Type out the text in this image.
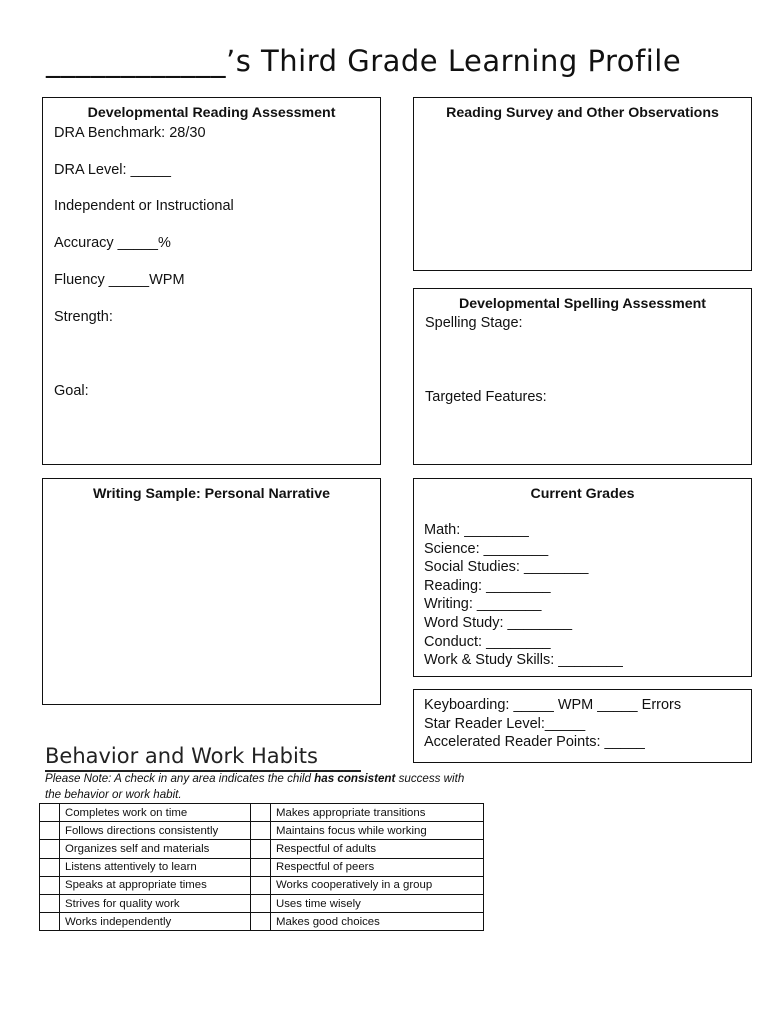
____________’s Third Grade Learning Profile
Developmental Reading Assessment
DRA Benchmark: 28/30
DRA Level: _____
Independent or Instructional
Accuracy _____%
Fluency _____WPM
Strength:
Goal:
Reading Survey and Other Observations
Developmental Spelling Assessment
Spelling Stage:
Targeted Features:
Writing Sample: Personal Narrative	Current Grades
Math: ________
Science: ________
Social Studies: ________
Reading: ________
Writing: ________
Word Study: ________
Conduct: ________
Work & Study Skills: ________
Keyboarding: _____ WPM _____ Errors
Star Reader Level:_____
Accelerated Reader Points: _____
Behavior and Work Habits
Please Note: A check in any area indicates the child has consistent success with the behavior or work habit.
	Completes work on time		Makes appropriate transitions
	Follows directions consistently		Maintains focus while working
	Organizes self and materials		Respectful of adults
	Listens attentively to learn		Respectful of peers
	Speaks at appropriate times		Works cooperatively in a group
	Strives for quality work		Uses time wisely
	Works independently		Makes good choices
